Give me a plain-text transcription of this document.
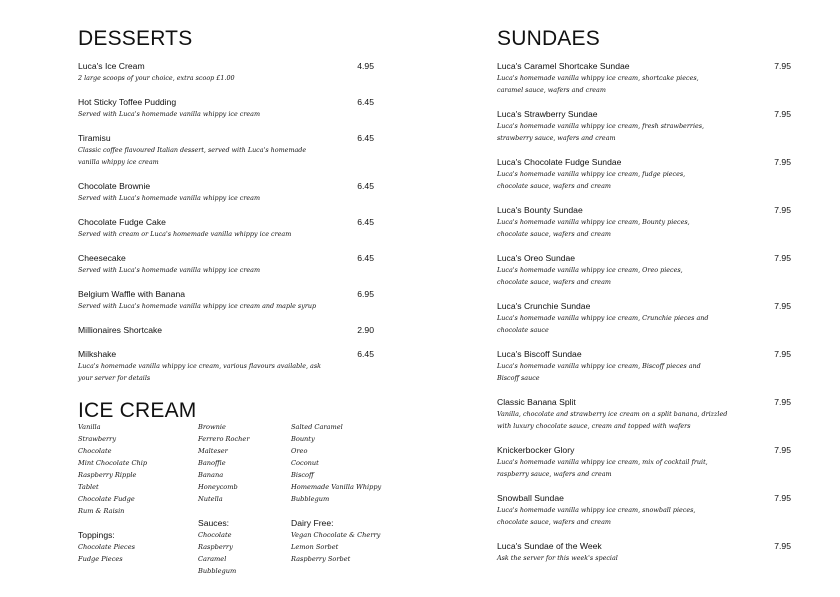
DESSERTS
Luca's Ice Cream	4.95
2 large scoops of your choice, extra scoop £1.00
Hot Sticky Toffee Pudding	6.45
Served with Luca's homemade vanilla whippy ice cream
Tiramisu	6.45
Classic coffee flavoured Italian dessert, served with Luca's homemade vanilla whippy ice cream
Chocolate Brownie	6.45
Served with Luca's homemade vanilla whippy ice cream
Chocolate Fudge Cake	6.45
Served with cream or Luca's homemade vanilla whippy ice cream
Cheesecake	6.45
Served with Luca's homemade vanilla whippy ice cream
Belgium Waffle with Banana	6.95
Served with Luca's homemade vanilla whippy ice cream and maple syrup
Millionaires Shortcake	2.90
Milkshake	6.45
Luca's homemade vanilla whippy ice cream, various flavours available, ask your server for details
ICE CREAM
Vanilla
Strawberry
Chocolate
Mint Chocolate Chip
Raspberry Ripple
Tablet
Chocolate Fudge
Rum & Raisin
Toppings:
Chocolate Pieces
Fudge Pieces
Brownie
Ferrero Rocher
Malteser
Banoffie
Banana
Honeycomb
Nutella
Sauces:
Chocolate
Raspberry
Caramel
Bubblegum
Salted Caramel
Bounty
Oreo
Coconut
Biscoff
Homemade Vanilla Whippy
Bubblegum
Dairy Free:
Vegan Chocolate & Cherry
Lemon Sorbet
Raspberry Sorbet
SUNDAES
Luca's Caramel Shortcake Sundae	7.95
Luca's homemade vanilla whippy ice cream, shortcake pieces, caramel sauce, wafers and cream
Luca's Strawberry Sundae	7.95
Luca's homemade vanilla whippy ice cream, fresh strawberries, strawberry sauce, wafers and cream
Luca's Chocolate Fudge Sundae	7.95
Luca's homemade vanilla whippy ice cream, fudge pieces, chocolate sauce, wafers and cream
Luca's Bounty Sundae	7.95
Luca's homemade vanilla whippy ice cream, Bounty pieces, chocolate sauce, wafers and cream
Luca's Oreo Sundae	7.95
Luca's homemade vanilla whippy ice cream, Oreo pieces, chocolate sauce, wafers and cream
Luca's Crunchie Sundae	7.95
Luca's homemade vanilla whippy ice cream, Crunchie pieces and chocolate sauce
Luca's Biscoff Sundae	7.95
Luca's homemade vanilla whippy ice cream, Biscoff pieces and Biscoff sauce
Classic Banana Split	7.95
Vanilla, chocolate and strawberry ice cream on a split banana, drizzled with luxury chocolate sauce, cream and topped with wafers
Knickerbocker Glory	7.95
Luca's homemade vanilla whippy ice cream, mix of cocktail fruit, raspberry sauce, wafers and cream
Snowball Sundae	7.95
Luca's homemade vanilla whippy ice cream, snowball pieces, chocolate sauce, wafers and cream
Luca's Sundae of the Week	7.95
Ask the server for this week's special
